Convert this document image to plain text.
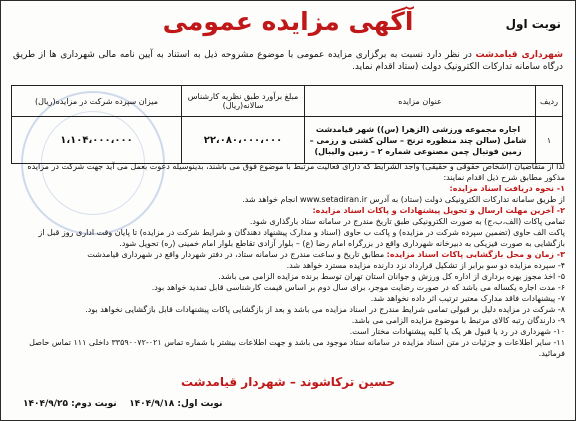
نوبت اول
آگهی مزایده عمومی
شهرداری قیامدشت در نظر دارد نسبت به برگزاری مزایده عمومی با موضوع مشروحه ذیل به استناد به آیین نامه مالی شهرداری ها از طریق درگاه سامانه تدارکات الکترونیک دولت (ستاد اقدام نماید.
ردیف	عنوان مزایده	مبلغ برآورد طبق نظریه کارشناس سالانه(ریال)	میزان سپرده شرکت در مزایده(ریال)
۱	اجاره مجموعه ورزشی (الزهرا (س)) شهر قیامدشت شامل (سالن چند منظوره ترنج – سالن کشتی و رزمی – زمین فوتبال چمن مصنوعی شماره ۲ – زمین والیبال)	۲۲،۰۸۰،۰۰۰،۰۰۰	۱،۱۰۴،۰۰۰،۰۰۰

لذا از متقاضیان (اشخاص حقوقی و حقیقی) واجد الشرایط که دارای فعالیت مرتبط با موضوع فوق می باشند، بدینوسیله دعوت بعمل می آید جهت شرکت در مزایده مذکور مطابق شرح ذیل اقدام نمایند:

۱- نحوه دریافت اسناد مزایده:

از طریق سامانه تدارکات الکترونیکی دولت (ستاد) به آدرس www.setadiran.ir انجام خواهد شد.

۲- آخرین مهلت ارسال و تحویل پیشنهادات و پاکات اسناد مزایده:

تمامی پاکات (الف،ب،ج) به صورت الکترونیکی طبق تاریخ مندرج در سامانه ستاد بارگذاری شود.

پاکت الف حاوی (تضمین سپرده شرکت در مزایده) و پاکت ب حاوی (اسناد و مدارک پیشنهاد دهندگان و شرایط شرکت در مزایده) تا پایان وقت اداری روز قبل از بازگشایی به صورت فیزیکی به دبیرخانه شهرداری واقع در بزرگراه امام رضا (ع) – بلوار آزادی تقاطع بلوار امام خمینی (ره) تحویل شود.

۳- زمان و محل بازگشایی پاکات اسناد مزایده: مطابق تاریخ و ساعت مندرج در سامانه ستاد، در دفتر شهردار واقع در شهرداری قیامدشت

۴- سپرده مزایده دو سو برابر از تشکیل قرارداد نزد دارنده مزایده مسترد خواهد شد.

۵- اخذ مجوز بهره برداری از اداره کل ورزش و جوانان استان تهران توسط برنده مزایده الزامی می باشد.

۶- مدت اجاره یکساله می باشد که در صورت رضایت موجر، برای سال دوم بر اساس قیمت کارشناسی قابل تمدید خواهد بود.

۷- پیشنهادات فاقد مدارک معتبر ترتیب اثر داده نخواهد شد.

۸- شرکت در مزایده دلیل بر قبولی تمامی شرایط مندرج در اسناد مزایده می باشد و بعد از بازگشایی پاکات پیشنهادات قابل بازگشایی نخواهد بود.

۹- دارندگان رتبه کالای مرتبط با موضوع مزایده الزامی می باشد.

۱۰- شهرداری در رد یا قبول هر یک یا کلیه پیشنهادات مختار است.

۱۱- سایر اطلاعات و جزئیات در متن اسناد مزایده در سامانه ستاد موجود می باشد و جهت اطلاعات بیشتر با شماره تماس ۰۲۱-۳۳۵۹۰۰۷۲ داخلی ۱۱۱ تماس حاصل فرمائید.

حسین ترکاشوند – شهردار قیامدشت
نوبت اول: ۱۴۰۴/۹/۱۸    نوبت دوم: ۱۴۰۴/۹/۲۵
